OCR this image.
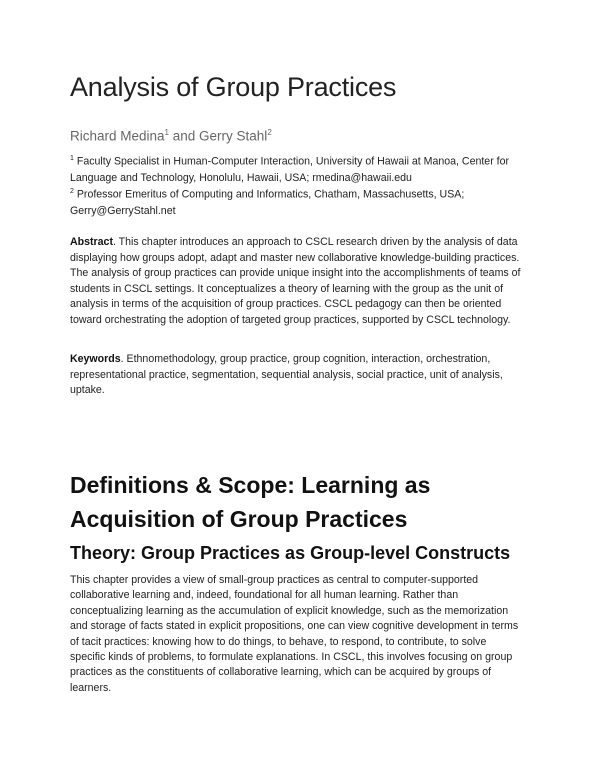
Analysis of Group Practices
Richard Medina$^1$ and Gerry Stahl$^2$
$^1$ Faculty Specialist in Human-Computer Interaction, University of Hawaii at Manoa, Center for
Language and Technology, Honolulu, Hawaii, USA; rmedina@hawaii.edu
$^2$ Professor Emeritus of Computing and Informatics, Chatham, Massachusetts, USA;
Gerry@GerryStahl.net
Abstract. This chapter introduces an approach to CSCL research driven by the analysis of data
displaying how groups adopt, adapt and master new collaborative knowledge-building practices.
The analysis of group practices can provide unique insight into the accomplishments of teams of
students in CSCL settings. It conceptualizes a theory of learning with the group as the unit of
analysis in terms of the acquisition of group practices. CSCL pedagogy can then be oriented
toward orchestrating the adoption of targeted group practices, supported by CSCL technology.
Keywords. Ethnomethodology, group practice, group cognition, interaction, orchestration,
representational practice, segmentation, sequential analysis, social practice, unit of analysis,
uptake.
Definitions & Scope: Learning as
Acquisition of Group Practices
Theory: Group Practices as Group-level Constructs
This chapter provides a view of small-group practices as central to computer-supported
collaborative learning and, indeed, foundational for all human learning. Rather than
conceptualizing learning as the accumulation of explicit knowledge, such as the memorization
and storage of facts stated in explicit propositions, one can view cognitive development in terms
of tacit practices: knowing how to do things, to behave, to respond, to contribute, to solve
specific kinds of problems, to formulate explanations. In CSCL, this involves focusing on group
practices as the constituents of collaborative learning, which can be acquired by groups of
learners.
